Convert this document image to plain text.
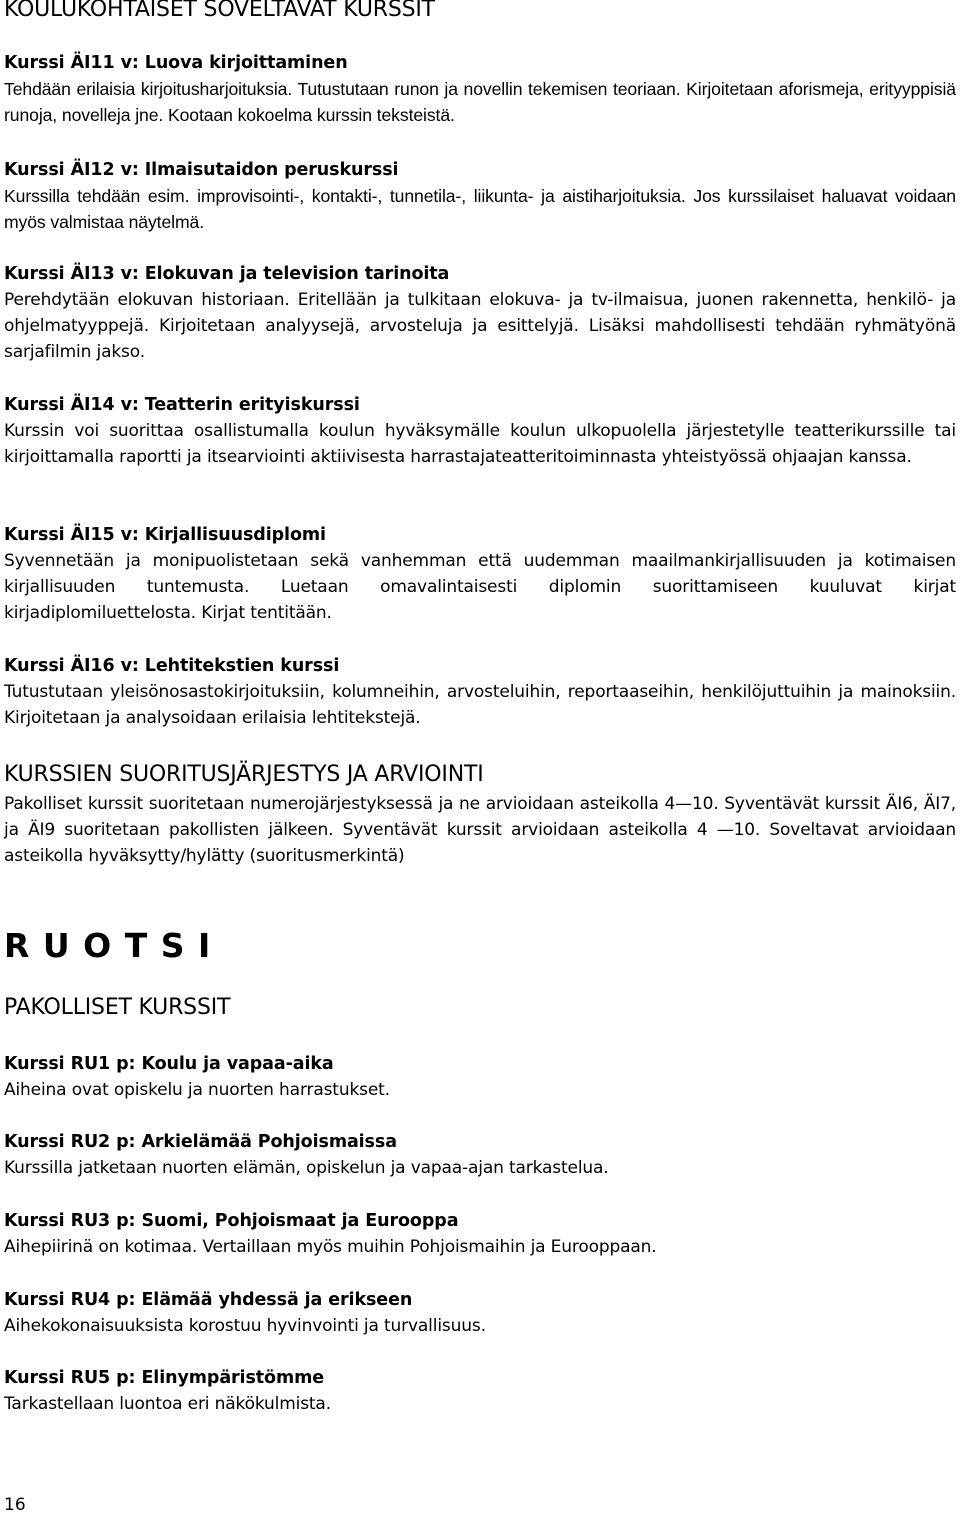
KOULUKOHTAISET SOVELTAVAT KURSSIT
Kurssi ÄI11 v: Luova kirjoittaminen
Tehdään erilaisia kirjoitusharjoituksia. Tutustutaan runon ja novellin tekemisen teoriaan. Kirjoitetaan aforismeja, erityyppisiä runoja, novelleja jne. Kootaan kokoelma kurssin teksteistä.
Kurssi ÄI12 v: Ilmaisutaidon peruskurssi
Kurssilla tehdään esim. improvisointi-, kontakti-, tunnetila-, liikunta- ja aistiharjoituksia. Jos kurssilaiset haluavat voidaan myös valmistaa näytelmä.
Kurssi ÄI13 v: Elokuvan ja television tarinoita
Perehdytään elokuvan historiaan. Eritellään ja tulkitaan elokuva- ja tv-ilmaisua, juonen rakennetta, henkilö- ja ohjelmatyyppejä. Kirjoitetaan analyysejä, arvosteluja ja esittelyjä. Lisäksi mahdollisesti tehdään ryhmätyönä sarjafilmin jakso.
Kurssi ÄI14 v: Teatterin erityiskurssi
Kurssin voi suorittaa osallistumalla koulun hyväksymälle koulun ulkopuolella järjestetylle teatterikurssille tai kirjoittamalla raportti ja itsearviointi aktiivisesta harrastajateatteritoiminnasta yhteistyössä ohjaajan kanssa.
Kurssi ÄI15 v: Kirjallisuusdiplomi
Syvennetään ja monipuolistetaan sekä vanhemman että uudemman maailmankirjallisuuden ja kotimaisen kirjallisuuden tuntemusta. Luetaan omavalintaisesti diplomin suorittamiseen kuuluvat kirjat kirjadiplomiluettelosta. Kirjat tentitään.
Kurssi ÄI16 v: Lehtitekstien kurssi
Tutustutaan yleisönosastokirjoituksiin, kolumneihin, arvosteluihin, reportaaseihin, henkilöjuttuihin ja mainoksiin. Kirjoitetaan ja analysoidaan erilaisia lehtitekstejä.
KURSSIEN SUORITUSJÄRJESTYS JA ARVIOINTI
Pakolliset kurssit suoritetaan numerojärjestyksessä ja ne arvioidaan asteikolla 4—10. Syventävät kurssit ÄI6, ÄI7, ja ÄI9 suoritetaan pakollisten jälkeen. Syventävät kurssit arvioidaan asteikolla 4 —10. Soveltavat arvioidaan asteikolla hyväksytty/hylätty (suoritusmerkintä)
R U O T S I
PAKOLLISET KURSSIT
Kurssi RU1 p: Koulu ja vapaa-aika
Aiheina ovat opiskelu ja nuorten harrastukset.
Kurssi RU2 p: Arkielämää Pohjoismaissa
Kurssilla jatketaan nuorten elämän, opiskelun ja vapaa-ajan tarkastelua.
Kurssi RU3 p: Suomi, Pohjoismaat ja Eurooppa
Aihepiirinä on kotimaa. Vertaillaan myös muihin Pohjoismaihin ja Eurooppaan.
Kurssi RU4 p: Elämää yhdessä ja erikseen
Aihekokonaisuuksista korostuu hyvinvointi ja turvallisuus.
Kurssi RU5 p: Elinympäristömme
Tarkastellaan luontoa eri näkökulmista.
16
